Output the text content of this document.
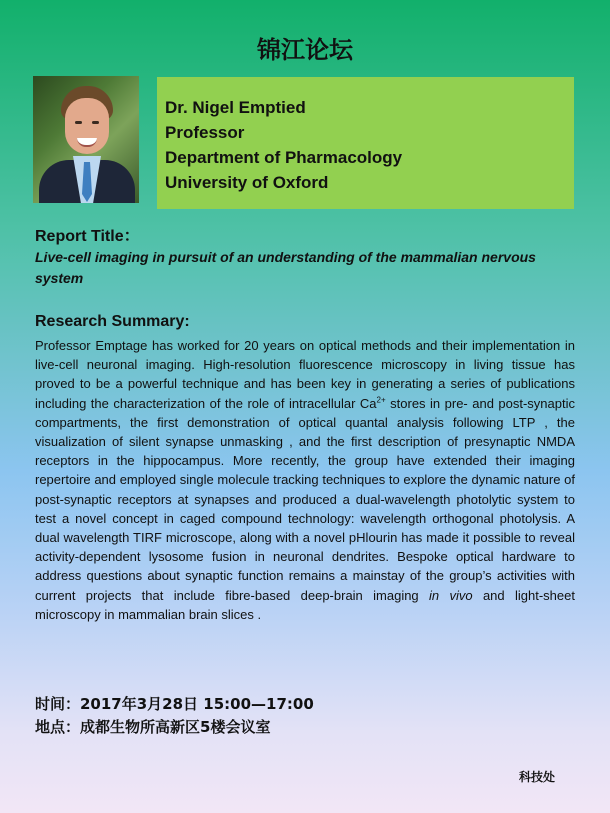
锦江论坛
Dr. Nigel Emptied
Professor
Department of Pharmacology
University of Oxford
Report Title：
Live-cell imaging in pursuit of an understanding of the mammalian nervous system
Research Summary:
Professor Emptage has worked for 20 years on optical methods and their implementation in live-cell neuronal imaging. High-resolution fluorescence microscopy in living tissue has proved to be a powerful technique and has been key in generating a series of publications including the characterization of the role of intracellular $Ca^{2+}$ stores in pre- and post-synaptic compartments, the first demonstration of optical quantal analysis following LTP , the visualization of silent synapse unmasking , and the first description of presynaptic NMDA receptors in the hippocampus. More recently, the group have extended their imaging repertoire and employed single molecule tracking techniques to explore the dynamic nature of post-synaptic receptors at synapses and produced a dual-wavelength photolytic system to test a novel concept in caged compound technology: wavelength orthogonal photolysis. A dual wavelength TIRF microscope, along with a novel pHlourin has made it possible to reveal activity-dependent lysosome fusion in neuronal dendrites. Bespoke optical hardware to address questions about synaptic function remains a mainstay of the group’s activities with current projects that include fibre-based deep-brain imaging in vivo and light-sheet microscopy in mammalian brain slices .
时间：2017年3月28日 15:00—17:00
地点：成都生物所高新区5楼会议室
科技处
